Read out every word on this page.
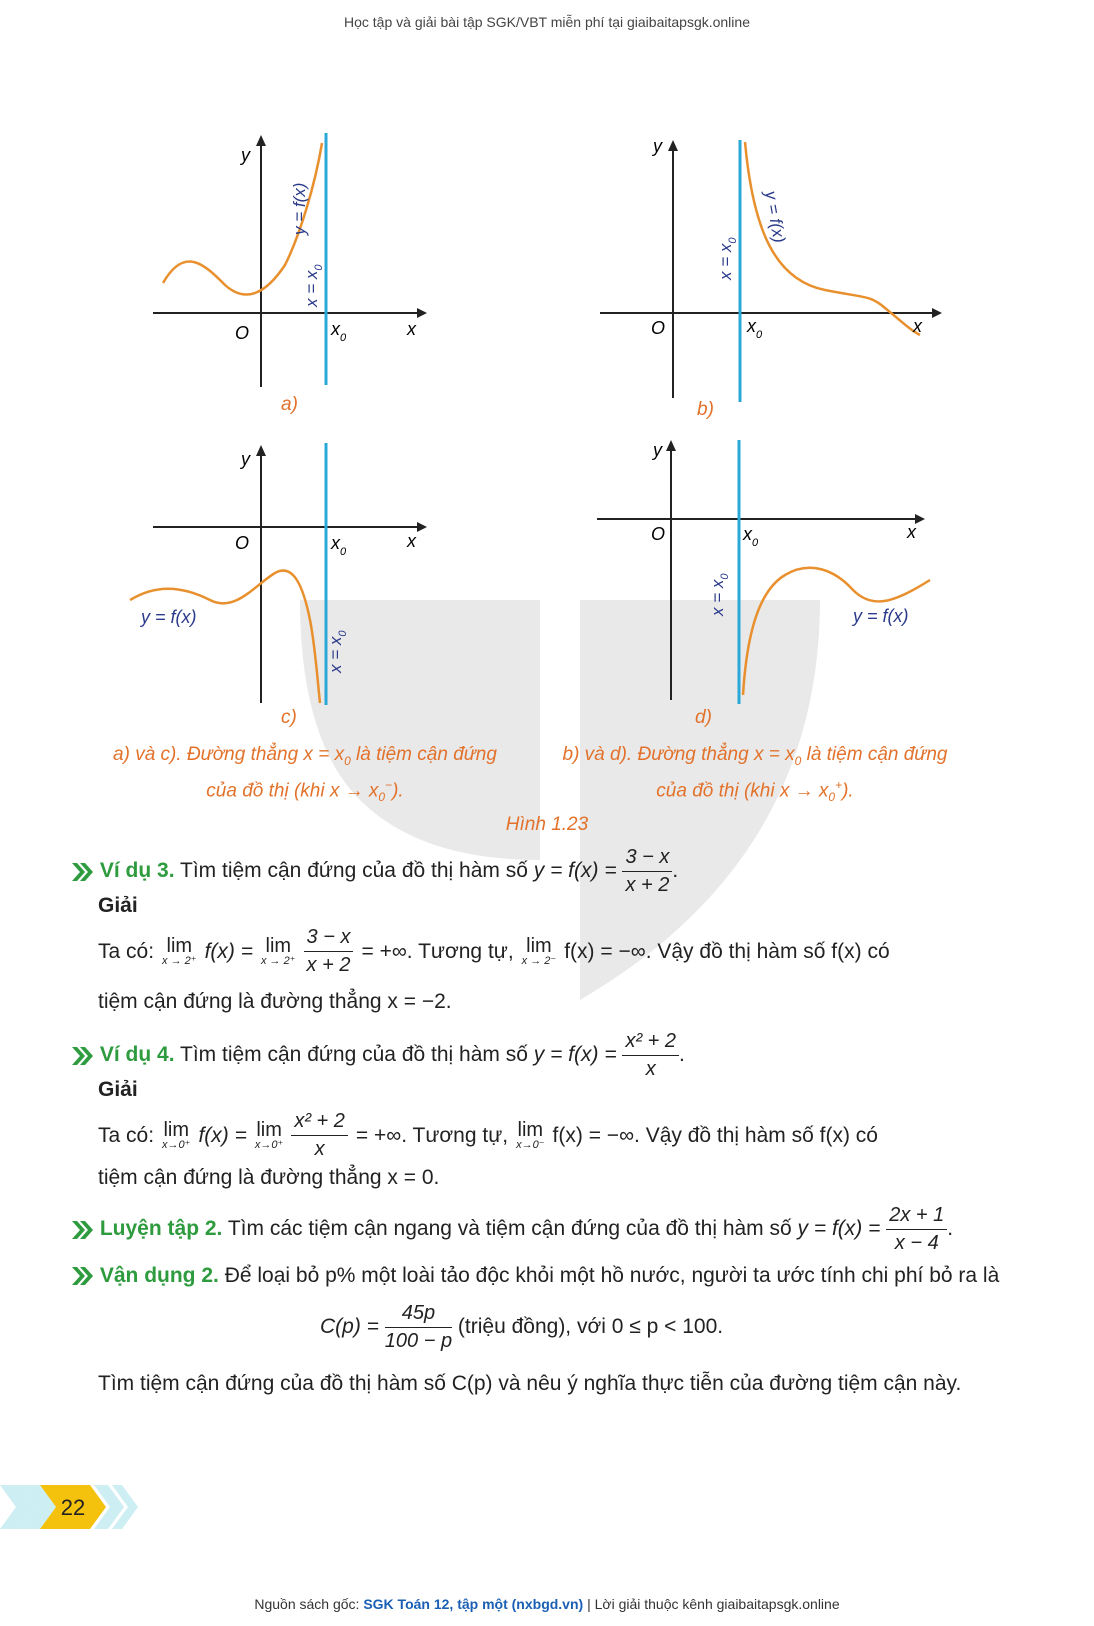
Học tập và giải bài tập SGK/VBT miễn phí tại giaibaitapsgk.online
y
x
O	$x_0$
y = f(x)
$x = x_0$
a)
y
x
O	$x_0$
y = f(x)
$x = x_0$
b)
y
x
O	$x_0$
y = f(x)
$x = x_0$
c)
y
x
O	$x_0$
y = f(x)
$x = x_0$
d)
a) và c). Đường thẳng $x = x_0$ là tiệm cận đứng
của đồ thị (khi $x \to x_0^-$).
b) và d). Đường thẳng $x = x_0$ là tiệm cận đứng
của đồ thị (khi $x \to x_0^+$).
Hình 1.23
Ví dụ 3. Tìm tiệm cận đứng của đồ thị hàm số $y = f(x) = \frac{3 - x}{x + 2}$ .
Giải
Ta có: lim
x → 2⁺ f(x) = lim
$x \to 2^+ \frac{3 - x}{x + 2}$ = +∞. Tương tự, lim
x → 2⁻ f(x) = −∞. Vậy đồ thị hàm số f(x) có
tiệm cận đứng là đường thẳng x = −2.
Ví dụ 4. Tìm tiệm cận đứng của đồ thị hàm số $y = f(x) = \frac{\text{x² + 2}}{x}$ .
Giải
Ta có: lim
x→0⁺ f(x) = lim
$x\to 0^+ \frac{\text{x² + 2}}{x}$ = +∞. Tương tự, lim
x→0⁻ f(x) = −∞. Vậy đồ thị hàm số f(x) có
tiệm cận đứng là đường thẳng x = 0.
Luyện tập 2. Tìm các tiệm cận ngang và tiệm cận đứng của đồ thị hàm số $y = f(x) = \frac{2x + 1}{x - 4}$ .
Vận dụng 2. Để loại bỏ p% một loài tảo độc khỏi một hồ nước, người ta ước tính chi phí bỏ ra là
$C(p) = \frac{45p}{100 - p}$ (triệu đồng), với 0 ≤ p < 100.
Tìm tiệm cận đứng của đồ thị hàm số C(p) và nêu ý nghĩa thực tiễn của đường tiệm cận này.
22
Nguồn sách gốc: SGK Toán 12, tập một (nxbgd.vn) | Lời giải thuộc kênh giaibaitapsgk.online
